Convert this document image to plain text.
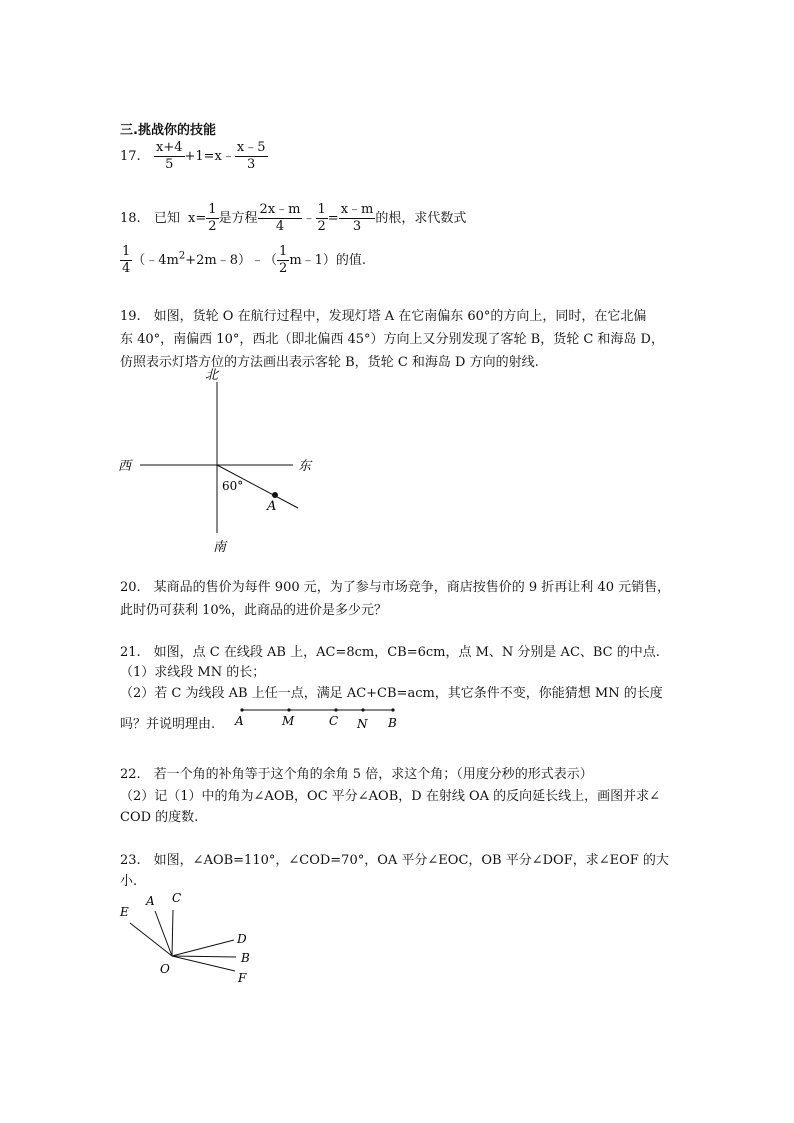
三.挑战你的技能
17. $\frac{x+4}{5}$ +1=x﹣ $\frac{x﹣5}{3}$
18. 已知 $x= \frac{1}{2}$ 是方程 $\frac{2x﹣m}{4}$ ﹣ $\frac{1}{2} = \frac{x﹣m}{3}$ 的根，求代数式
$\frac{1}{4}$ $(﹣4m^2+2m﹣8)﹣( \frac{1}{2}$ m﹣1）的值.
19.　如图，货轮 O 在航行过程中，发现灯塔 A 在它南偏东 60°的方向上，同时，在它北偏
东 40°，南偏西 10°，西北（即北偏西 45°）方向上又分别发现了客轮 B，货轮 C 和海岛 D，
仿照表示灯塔方位的方法画出表示客轮 B，货轮 C 和海岛 D 方向的射线.
北
南
西	东
60°
A
20.　某商品的售价为每件 900 元，为了参与市场竞争，商店按售价的 9 折再让利 40 元销售，
此时仍可获利 10%，此商品的进价是多少元？
21.　如图，点 C 在线段 AB 上，AC=8cm，CB=6cm，点 M、N 分别是 AC、BC 的中点.
（1）求线段 MN 的长；
（2）若 C 为线段 AB 上任一点，满足 AC+CB=acm，其它条件不变，你能猜想 MN 的长度
吗？并说明理由. A	M	C N B
22.　若一个角的补角等于这个角的余角 5 倍，求这个角；（用度分秒的形式表示）
（2）记（1）中的角为∠AOB，OC 平分∠AOB，D 在射线 OA 的反向延长线上，画图并求∠
COD 的度数.
23.　如图，∠AOB=110°，∠COD=70°，OA 平分∠EOC，OB 平分∠DOF，求∠EOF 的大
小.
E
A C
D
B
F
O
